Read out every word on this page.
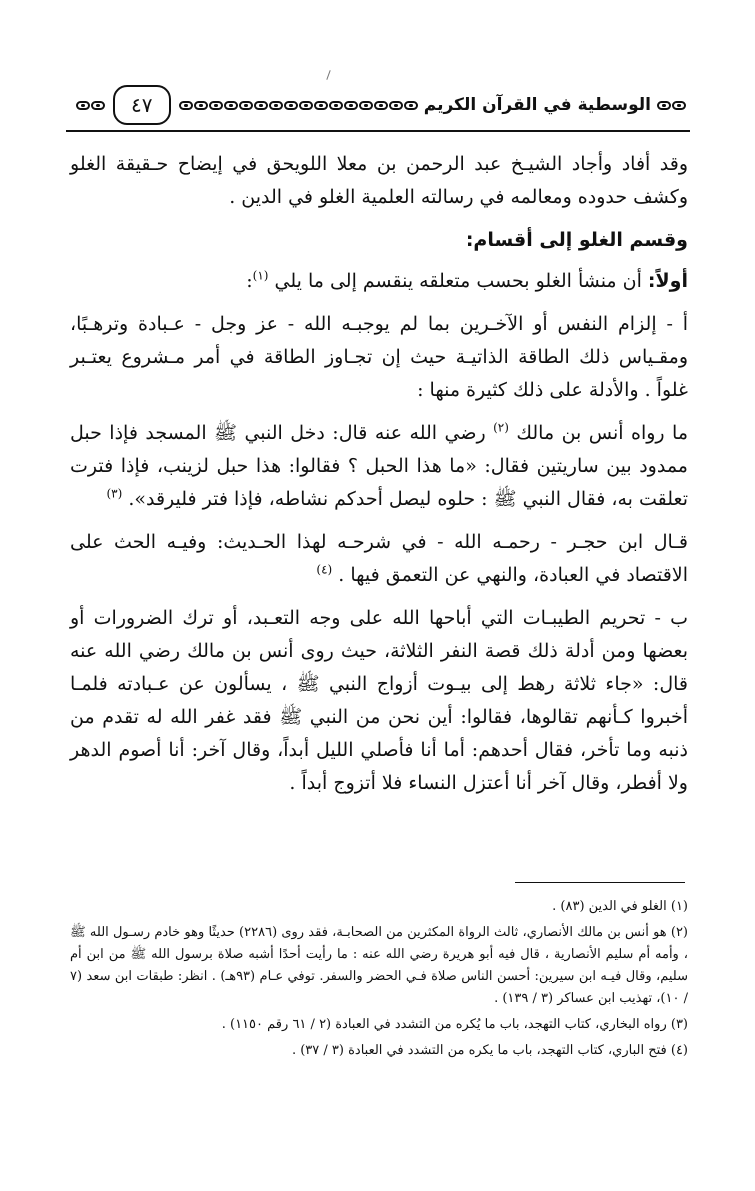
الوسطية في القرآن الكريم
٤٧

وقد أفاد وأجاد الشيـخ عبد الرحمن بن معلا اللويحق في إيضاح حـقيقة الغلو وكشف حدوده ومعالمه في رسالته العلمية الغلو في الدين .

وقسم الغلو إلى أقسام:

أولاً: أن منشأ الغلو بحسب متعلقه ينقسم إلى ما يلي $^{(١)}$:

أ - إلزام النفس أو الآخـرين بما لم يوجبـه الله - عز وجل - عـبادة وترهـبًا، ومقـياس ذلك الطاقة الذاتيـة حيث إن تجـاوز الطاقة في أمر مـشروع يعتـبر غلواً . والأدلة على ذلك كثيرة منها :

ما رواه أنس بن مالك $^{(٢)}$ رضي الله عنه قال: دخل النبي ﷺ المسجد فإذا حبل ممدود بين ساريتين فقال: «ما هذا الحبل ؟ فقالوا: هذا حبل لزينب، فإذا فترت تعلقت به، فقال النبي ﷺ : حلوه ليصل أحدكم نشاطه، فإذا فتر فليرقد». $^{(٣)}$

قـال ابن حجـر - رحمـه الله - في شرحـه لهذا الحـديث: وفيـه الحث على الاقتصاد في العبادة، والنهي عن التعمق فيها . $^{(٤)}$

ب - تحريم الطيبـات التي أباحها الله على وجه التعـبد، أو ترك الضرورات أو بعضها ومن أدلة ذلك قصة النفر الثلاثة، حيث روى أنس بن مالك رضي الله عنه قال: «جاء ثلاثة رهط إلى بيـوت أزواج النبي ﷺ ، يسألون عن عـبادته فلمـا أخبروا كـأنهم تقالوها، فقالوا: أين نحن من النبي ﷺ فقد غفر الله له تقدم من ذنبه وما تأخر، فقال أحدهم: أما أنا فأصلي الليل أبداً، وقال آخر: أنا أصوم الدهر ولا أفطر، وقال آخر أنا أعتزل النساء فلا أتزوج أبداً .

(١) الغلو في الدين (٨٣) .

(٢) هو أنس بن مالك الأنصاري، ثالث الرواة المكثرين من الصحابـة، فقد روى (٢٢٨٦) حديثًا وهو خادم رسـول الله ﷺ ، وأمه أم سليم الأنصارية ، قال فيه أبو هريرة رضي الله عنه : ما رأيت أحدًا أشبه صلاة برسول الله ﷺ من ابن أم سليم، وقال فيـه ابن سيرين: أحسن الناس صلاة فـي الحضر والسفر. توفي عـام (٩٣هـ) . انظر: طبقات ابن سعد (٧ / ١٠)، تهذيب ابن عساكر (٣ / ١٣٩) .

(٣) رواه البخاري، كتاب التهجد، باب ما يُكره من التشدد في العبادة (٢ / ٦١ رقم ١١٥٠) .

(٤) فتح الباري، كتاب التهجد، باب ما يكره من التشدد في العبادة (٣ / ٣٧) .
